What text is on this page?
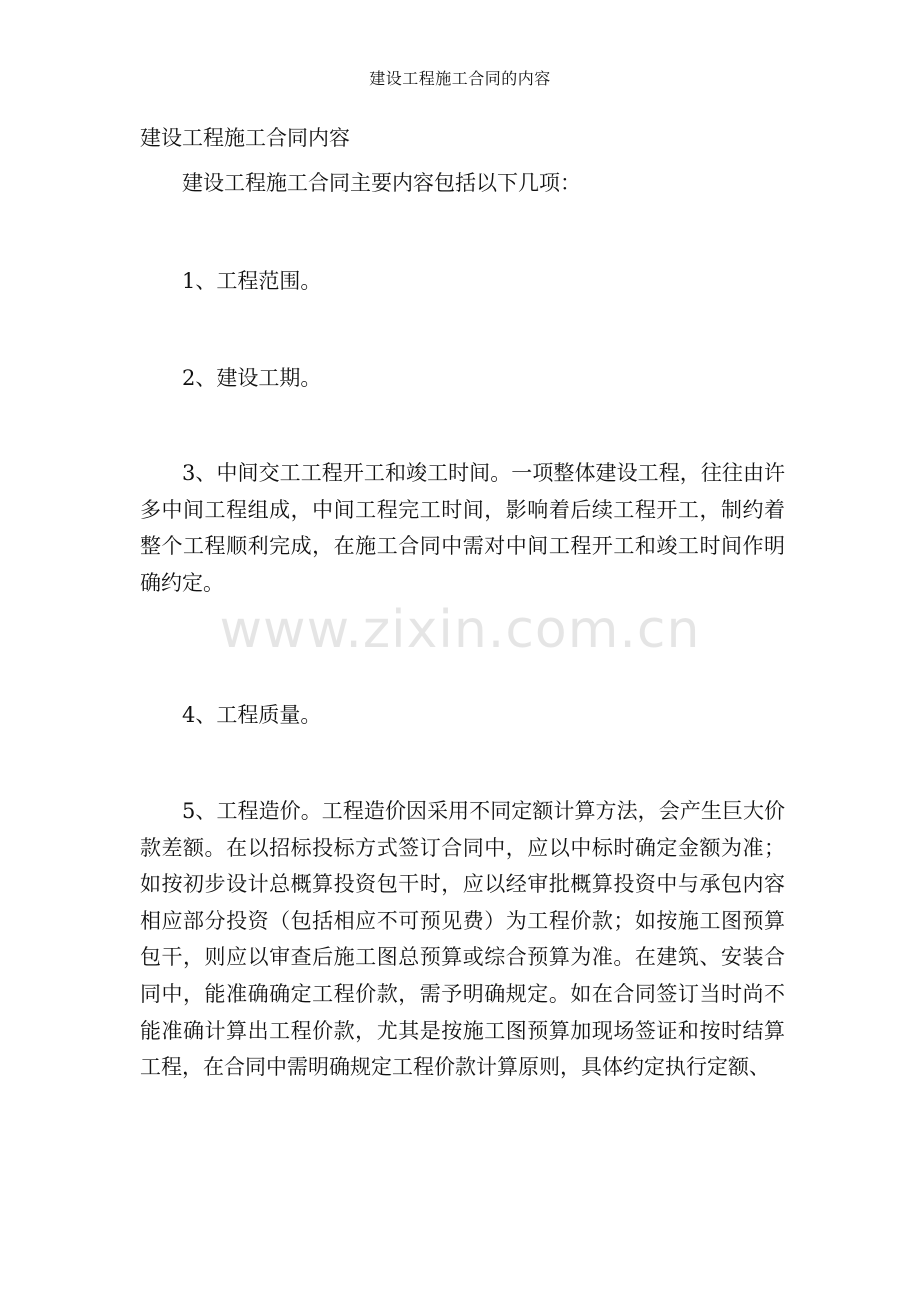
建设工程施工合同的内容
建设工程施工合同内容

建设工程施工合同主要内容包括以下几项：

1、工程范围。

2、建设工期。

3、中间交工工程开工和竣工时间。一项整体建设工程，往往由许多中间工程组成，中间工程完工时间，影响着后续工程开工，制约着整个工程顺利完成，在施工合同中需对中间工程开工和竣工时间作明确约定。

4、工程质量。

5、工程造价。工程造价因采用不同定额计算方法，会产生巨大价款差额。在以招标投标方式签订合同中，应以中标时确定金额为准；如按初步设计总概算投资包干时，应以经审批概算投资中与承包内容相应部分投资（包括相应不可预见费）为工程价款；如按施工图预算包干，则应以审查后施工图总预算或综合预算为准。在建筑、安装合同中，能准确确定工程价款，需予明确规定。如在合同签订当时尚不能准确计算出工程价款，尤其是按施工图预算加现场签证和按时结算工程，在合同中需明确规定工程价款计算原则，具体约定执行定额、

www.zixin.com.cn
